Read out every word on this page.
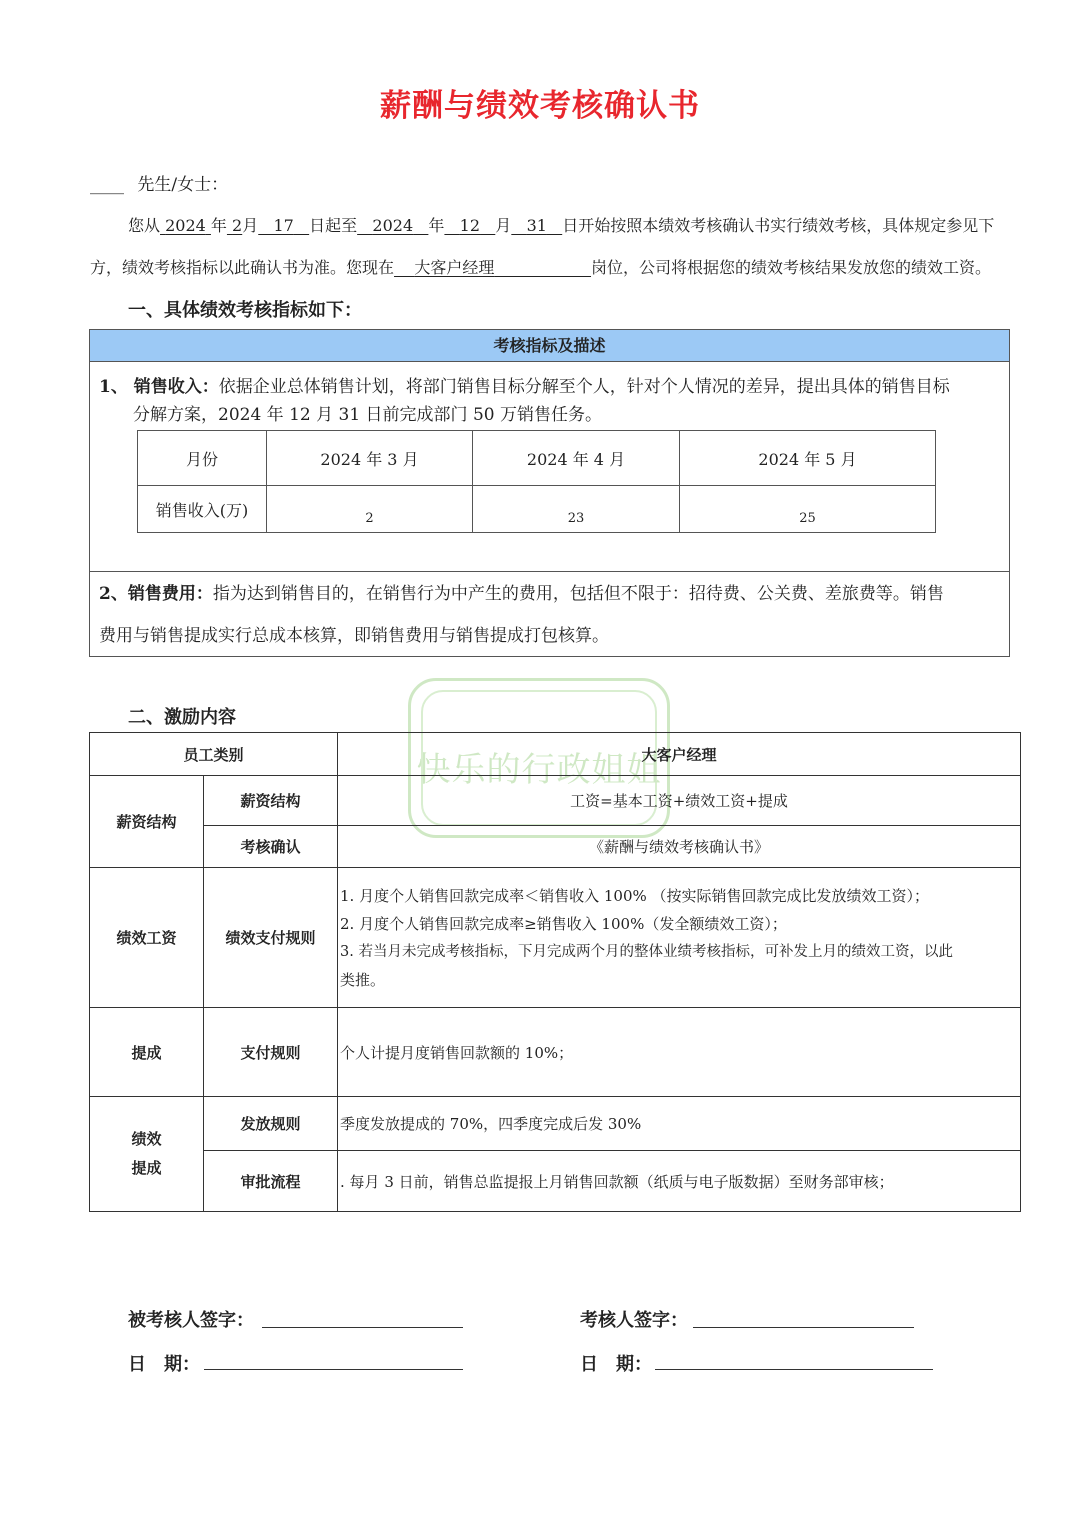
薪酬与绩效考核确认书
____ 先生/女士：
您从 2024 年 2月 17 日起至 2024 年 12 月 31 日开始按照本绩效考核确认书实行绩效考核，具体规定参见下
方，绩效考核指标以此确认书为准。您现在 大客户经理	岗位，公司将根据您的绩效考核结果发放您的绩效工资。
一、具体绩效考核指标如下：
考核指标及描述
1、 销售收入：依据企业总体销售计划，将部门销售目标分解至个人，针对个人情况的差异，提出具体的销售目标
分解方案，2024 年 12 月 31 日前完成部门 50 万销售任务。
月份	2024 年 3 月	2024 年 4 月	2024 年 5 月
销售收入(万)	2	23	25
2、销售费用：指为达到销售目的，在销售行为中产生的费用，包括但不限于：招待费、公关费、差旅费等。销售
费用与销售提成实行总成本核算，即销售费用与销售提成打包核算。
快乐的行政姐姐
二、激励内容
员工类别		大客户经理
薪资结构	薪资结构	工资=基本工资+绩效工资+提成
	考核确认	《薪酬与绩效考核确认书》
绩效工资	绩效支付规则	1. 月度个人销售回款完成率＜销售收入 100% （按实际销售回款完成比发放绩效工资）；
2. 月度个人销售回款完成率≥销售收入 100%（发全额绩效工资）；
3. 若当月未完成考核指标，下月完成两个月的整体业绩考核指标，可补发上月的绩效工资，以此
类推。

提成	支付规则	个人计提月度销售回款额的 10%；

绩效
提成	发放规则	季度发放提成的 70%，四季度完成后发 30%
	审批流程	. 每月 3 日前，销售总监提报上月销售回款额（纸质与电子版数据）至财务部审核；
被考核人签字：	考核人签字：
日　期：	日　期：
